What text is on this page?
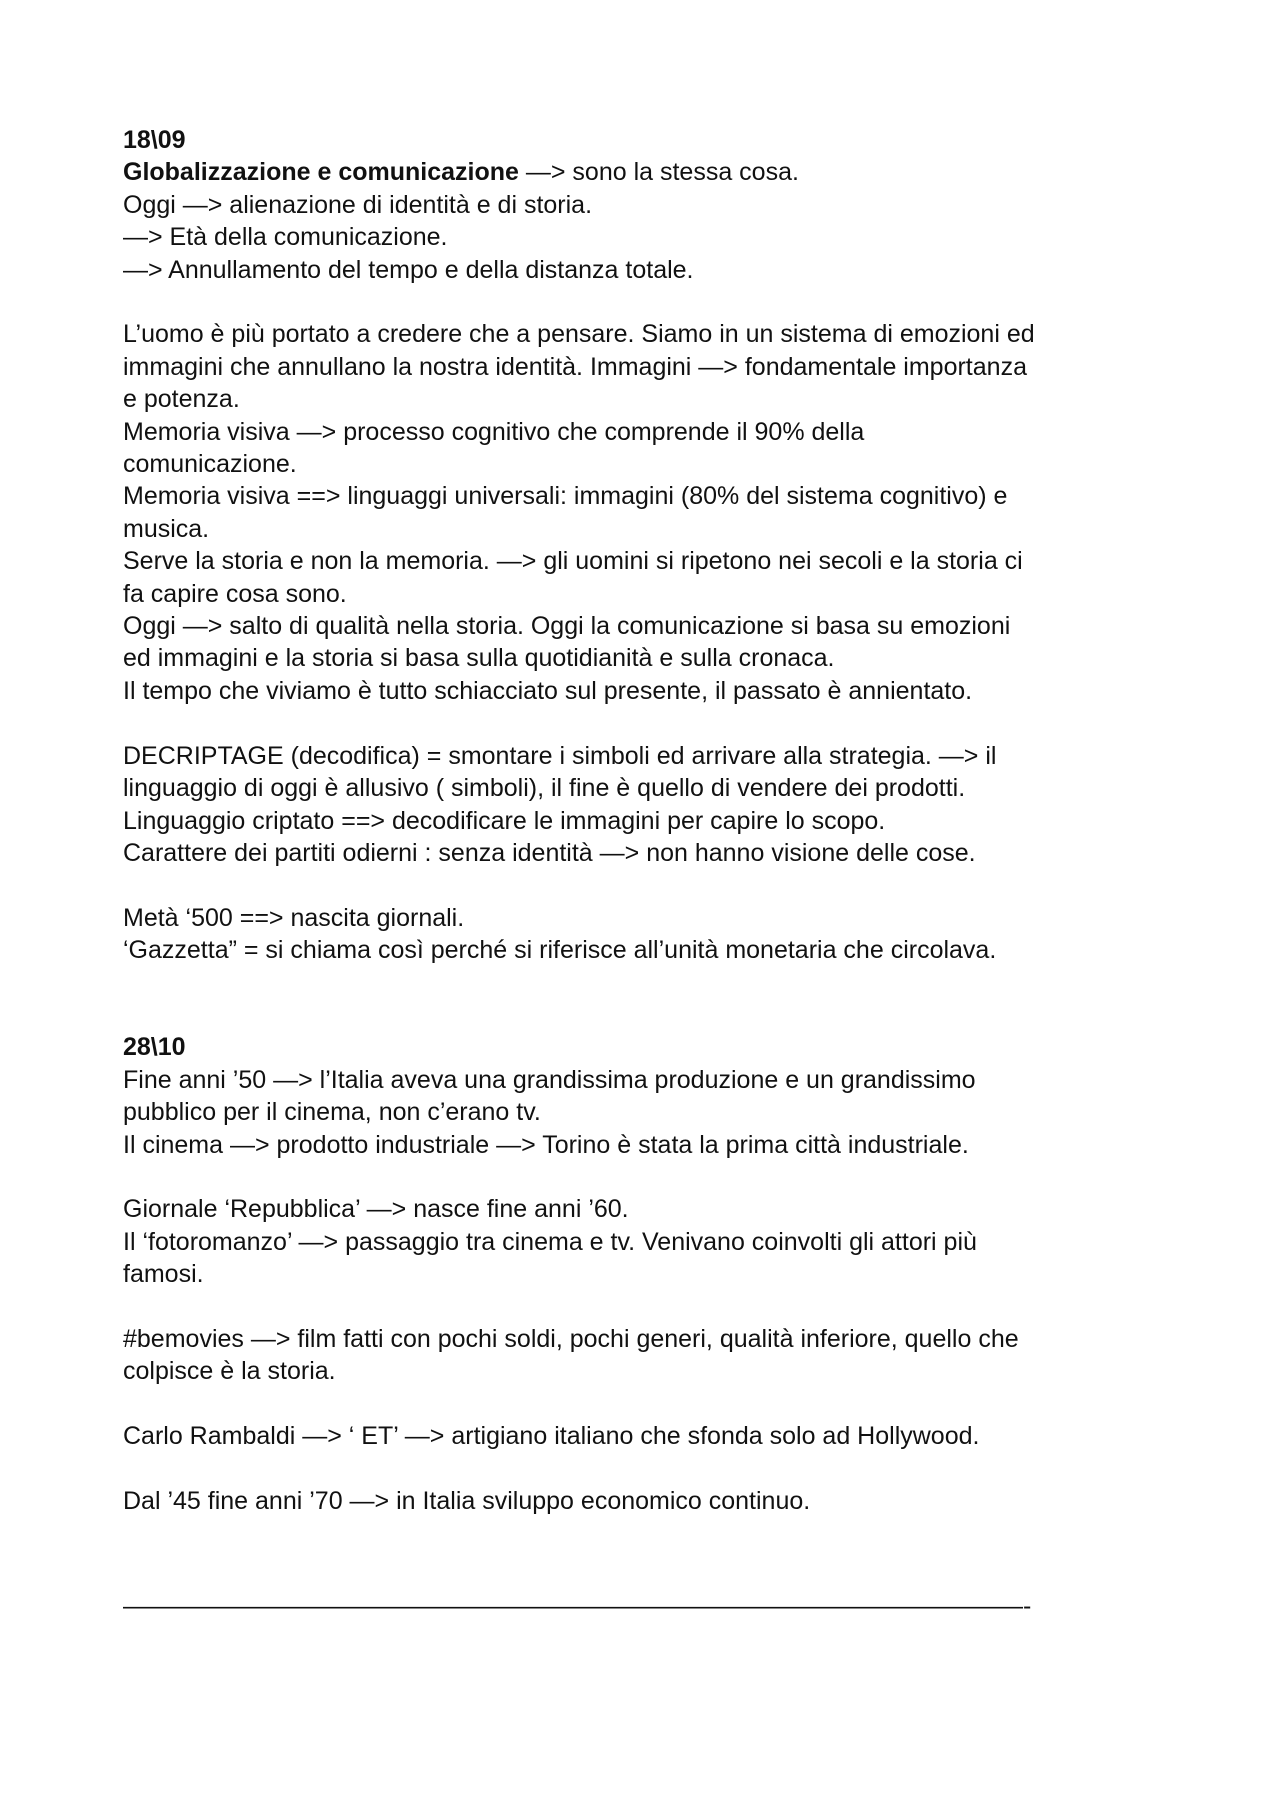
18\09

Globalizzazione e comunicazione —> sono la stessa cosa.

Oggi —> alienazione di identità e di storia.

—> Età della comunicazione.

—> Annullamento del tempo e della distanza totale.

L’uomo è più portato a credere che a pensare. Siamo in un sistema di emozioni ed

immagini che annullano la nostra identità. Immagini —> fondamentale importanza

e potenza.

Memoria visiva —> processo cognitivo che comprende il 90% della

comunicazione.

Memoria visiva ==> linguaggi universali: immagini (80% del sistema cognitivo) e

musica.

Serve la storia e non la memoria. —> gli uomini si ripetono nei secoli e la storia ci

fa capire cosa sono.

Oggi —> salto di qualità nella storia. Oggi la comunicazione si basa su emozioni

ed immagini e la storia si basa sulla quotidianità e sulla cronaca.

Il tempo che viviamo è tutto schiacciato sul presente, il passato è annientato.

DECRIPTAGE (decodifica) = smontare i simboli ed arrivare alla strategia. —> il

linguaggio di oggi è allusivo ( simboli), il fine è quello di vendere dei prodotti.

Linguaggio criptato ==> decodificare le immagini per capire lo scopo.

Carattere dei partiti odierni : senza identità —> non hanno visione delle cose.

Metà ‘500 ==> nascita giornali.

‘Gazzetta” = si chiama così perché si riferisce all’unità monetaria che circolava.

28\10

Fine anni ’50 —> l’Italia aveva una grandissima produzione e un grandissimo

pubblico per il cinema, non c’erano tv.

Il cinema —> prodotto industriale —> Torino è stata la prima città industriale.

Giornale ‘Repubblica’ —> nasce fine anni ’60.

Il ‘fotoromanzo’ —> passaggio tra cinema e tv. Venivano coinvolti gli attori più

famosi.

#bemovies —> film fatti con pochi soldi, pochi generi, qualità inferiore, quello che

colpisce è la storia.

Carlo Rambaldi —> ‘ ET’ —> artigiano italiano che sfonda solo ad Hollywood.

Dal ’45 fine anni ’70 —> in Italia sviluppo economico continuo.

————————————————————————————————————-
